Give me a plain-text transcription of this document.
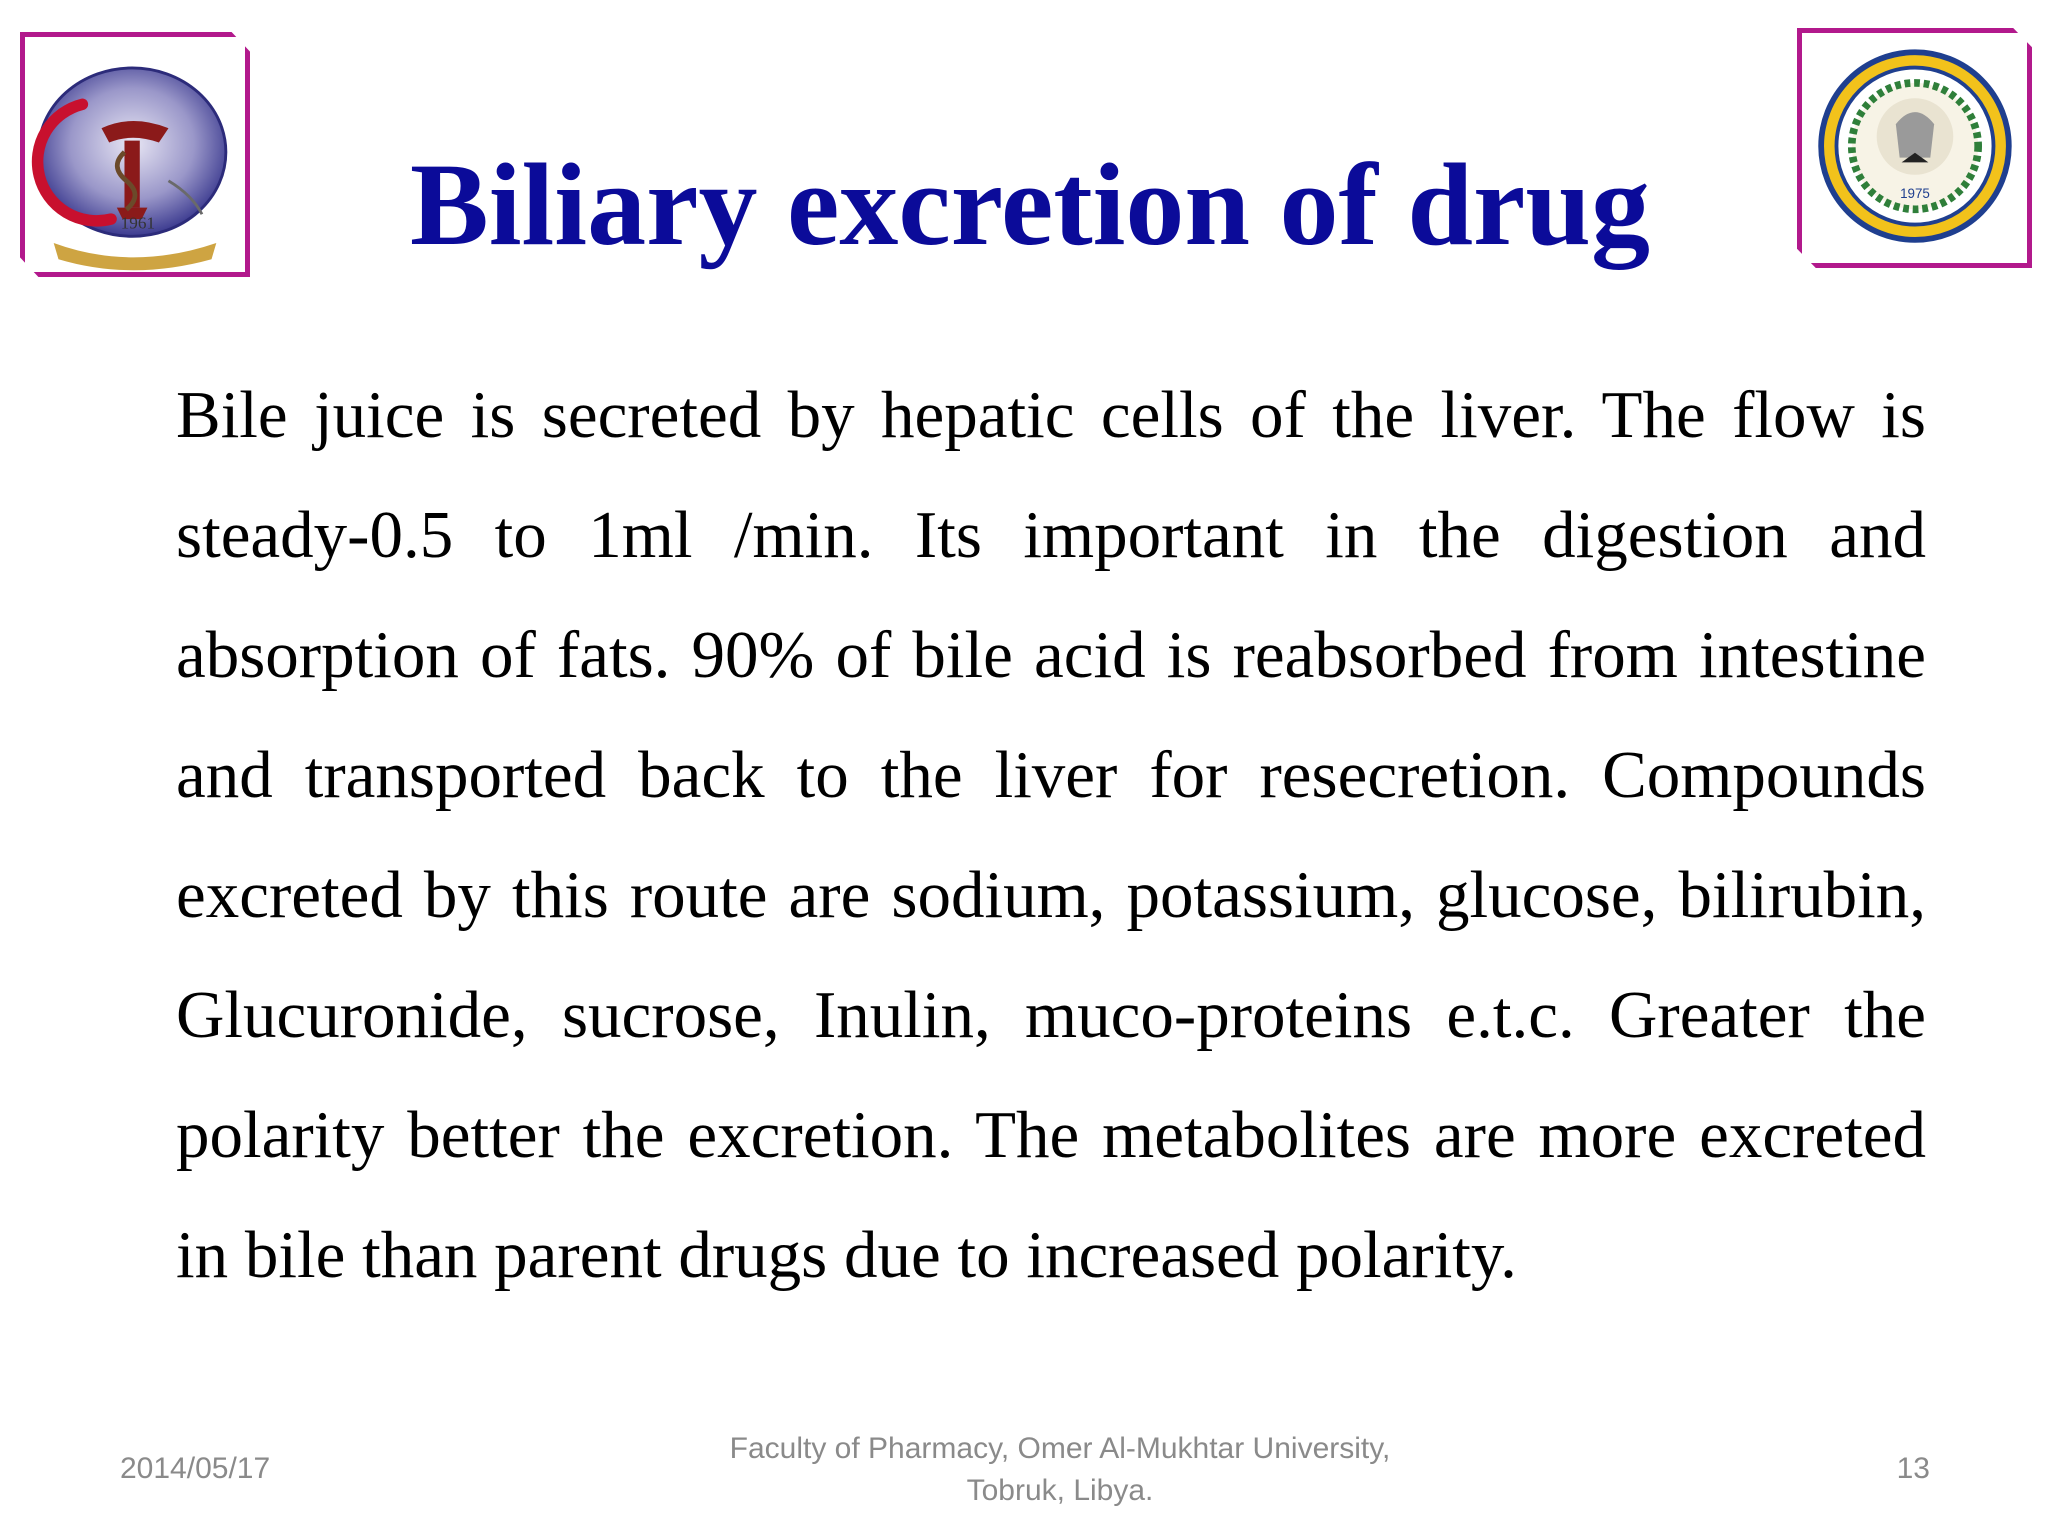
1961
1975
Biliary excretion of drug
Bile juice is secreted by hepatic cells of the liver. The flow is steady-0.5 to 1ml /min. Its important in the digestion and absorption of fats. 90% of bile acid is reabsorbed from intestine and transported back to the liver for resecretion. Compounds excreted by this route are sodium, potassium, glucose, bilirubin, Glucuronide, sucrose, Inulin, muco-proteins e.t.c. Greater the polarity better the excretion. The metabolites are more excreted in bile than parent drugs due to increased polarity.
2014/05/17
Faculty of Pharmacy, Omer Al-Mukhtar University,
Tobruk, Libya.
13
